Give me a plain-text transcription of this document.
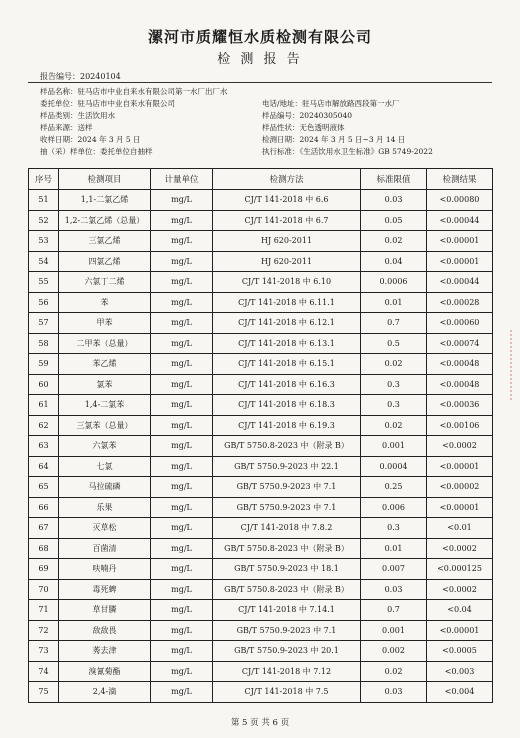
漯河市质耀恒水质检测有限公司
检 测 报 告
报告编号：20240104
样品名称：驻马店市中业自来水有限公司第一水厂出厂水
委托单位：驻马店市中业自来水有限公司	电话/地址：驻马店市解放路西段第一水厂
样品类别：生活饮用水	样品编号：20240305040
样品来源：送样	样品性状：无色透明液体
收样日期：2024 年 3 月 5 日	检测日期：2024 年 3 月 5 日~3 月 14 日
抽（采）样单位：委托单位自抽样	执行标准：《生活饮用水卫生标准》GB 5749-2022
序号	检测项目	计量单位	检测方法	标准限值	检测结果
51	1,1-二氯乙烯	mg/L	CJ/T 141-2018 中 6.6	0.03	<0.00080
52	1,2-二氯乙烯（总量）	mg/L	CJ/T 141-2018 中 6.7	0.05	<0.00044
53	三氯乙烯	mg/L	HJ 620-2011	0.02	<0.00001
54	四氯乙烯	mg/L	HJ 620-2011	0.04	<0.00001
55	六氯丁二烯	mg/L	CJ/T 141-2018 中 6.10	0.0006	<0.00044
56	苯	mg/L	CJ/T 141-2018 中 6.11.1	0.01	<0.00028
57	甲苯	mg/L	CJ/T 141-2018 中 6.12.1	0.7	<0.00060
58	二甲苯（总量）	mg/L	CJ/T 141-2018 中 6.13.1	0.5	<0.00074
59	苯乙烯	mg/L	CJ/T 141-2018 中 6.15.1	0.02	<0.00048
60	氯苯	mg/L	CJ/T 141-2018 中 6.16.3	0.3	<0.00048
61	1,4-二氯苯	mg/L	CJ/T 141-2018 中 6.18.3	0.3	<0.00036
62	三氯苯（总量）	mg/L	CJ/T 141-2018 中 6.19.3	0.02	<0.00106
63	六氯苯	mg/L	GB/T 5750.8-2023 中（附录 B）	0.001	<0.0002
64	七氯	mg/L	GB/T 5750.9-2023 中 22.1	0.0004	<0.00001
65	马拉硫磷	mg/L	GB/T 5750.9-2023 中 7.1	0.25	<0.00002
66	乐果	mg/L	GB/T 5750.9-2023 中 7.1	0.006	<0.00001
67	灭草松	mg/L	CJ/T 141-2018 中 7.8.2	0.3	<0.01
68	百菌清	mg/L	GB/T 5750.8-2023 中（附录 B）	0.01	<0.0002
69	呋喃丹	mg/L	GB/T 5750.9-2023 中 18.1	0.007	<0.000125
70	毒死蜱	mg/L	GB/T 5750.8-2023 中（附录 B）	0.03	<0.0002
71	草甘膦	mg/L	CJ/T 141-2018 中 7.14.1	0.7	<0.04
72	敌敌畏	mg/L	GB/T 5750.9-2023 中 7.1	0.001	<0.00001
73	莠去津	mg/L	GB/T 5750.9-2023 中 20.1	0.002	<0.0005
74	溴氰菊酯	mg/L	CJ/T 141-2018 中 7.12	0.02	<0.003
75	2,4-滴	mg/L	CJ/T 141-2018 中 7.5	0.03	<0.004
第 5 页 共 6 页
